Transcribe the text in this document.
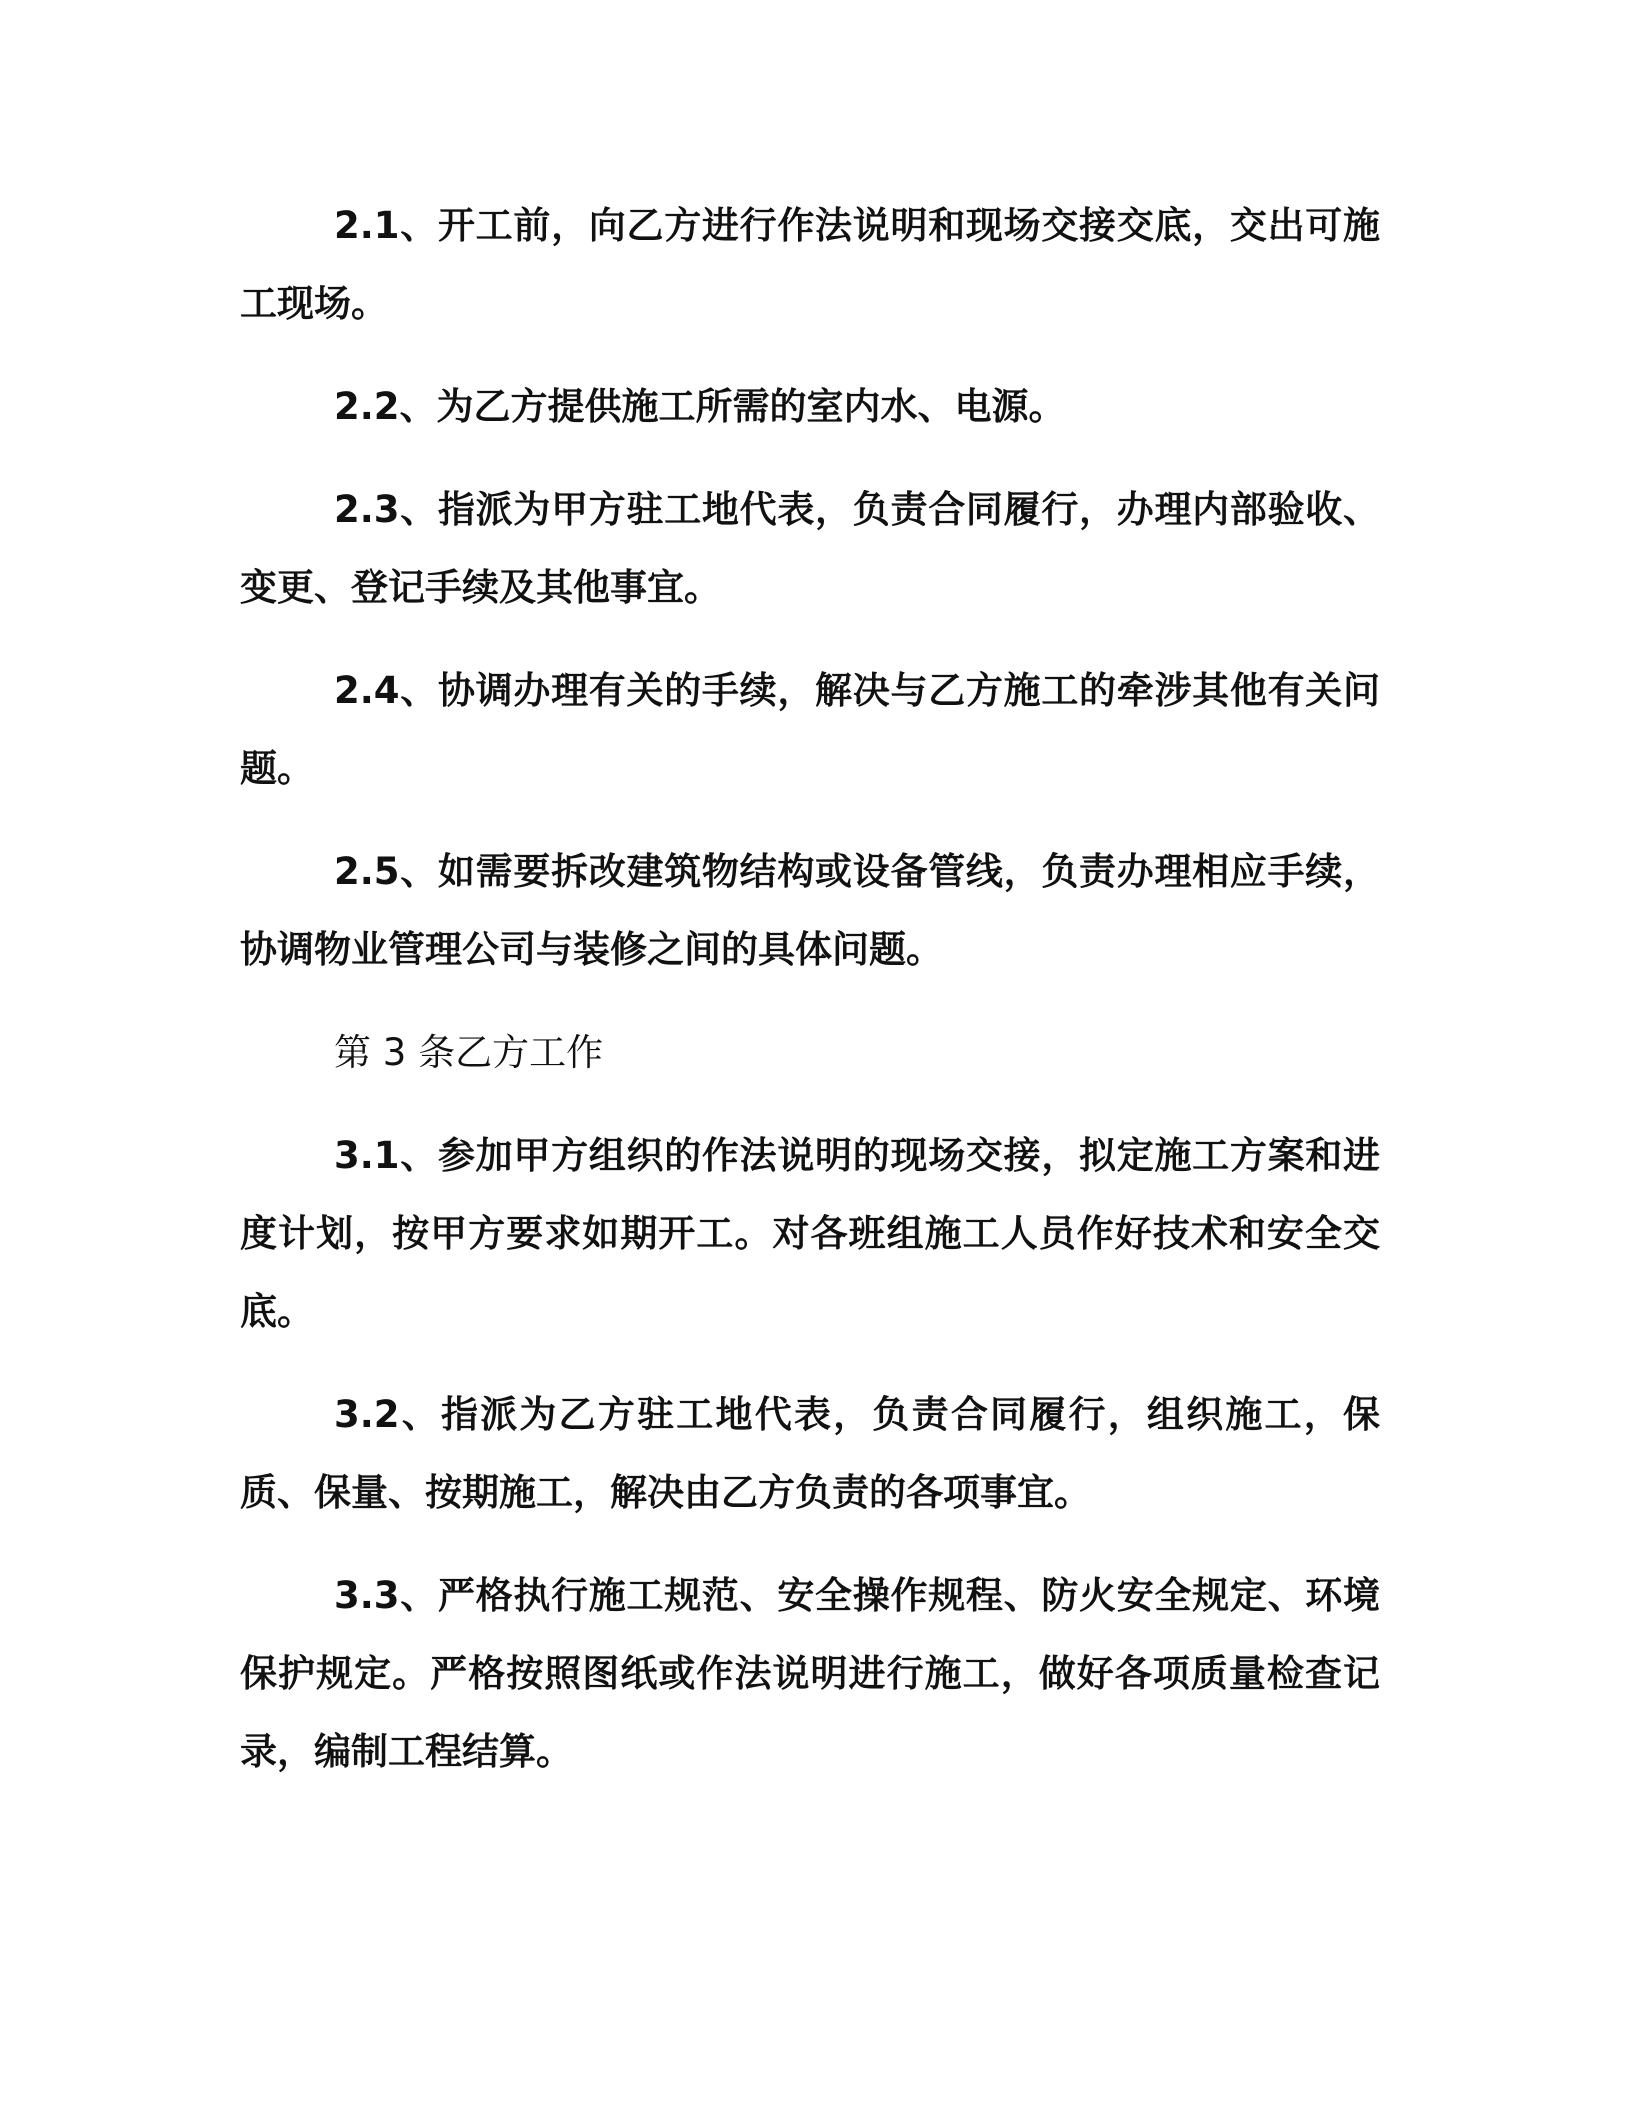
2.1、开工前，向乙方进行作法说明和现场交接交底，交出可施工现场。

2.2、为乙方提供施工所需的室内水、电源。

2.3、指派为甲方驻工地代表，负责合同履行，办理内部验收、变更、登记手续及其他事宜。

2.4、协调办理有关的手续，解决与乙方施工的牵涉其他有关问题。

2.5、如需要拆改建筑物结构或设备管线，负责办理相应手续，协调物业管理公司与装修之间的具体问题。

第 3 条乙方工作

3.1、参加甲方组织的作法说明的现场交接，拟定施工方案和进度计划，按甲方要求如期开工。对各班组施工人员作好技术和安全交底。

3.2、指派为乙方驻工地代表，负责合同履行，组织施工，保质、保量、按期施工，解决由乙方负责的各项事宜。

3.3、严格执行施工规范、安全操作规程、防火安全规定、环境保护规定。严格按照图纸或作法说明进行施工，做好各项质量检查记录，编制工程结算。
